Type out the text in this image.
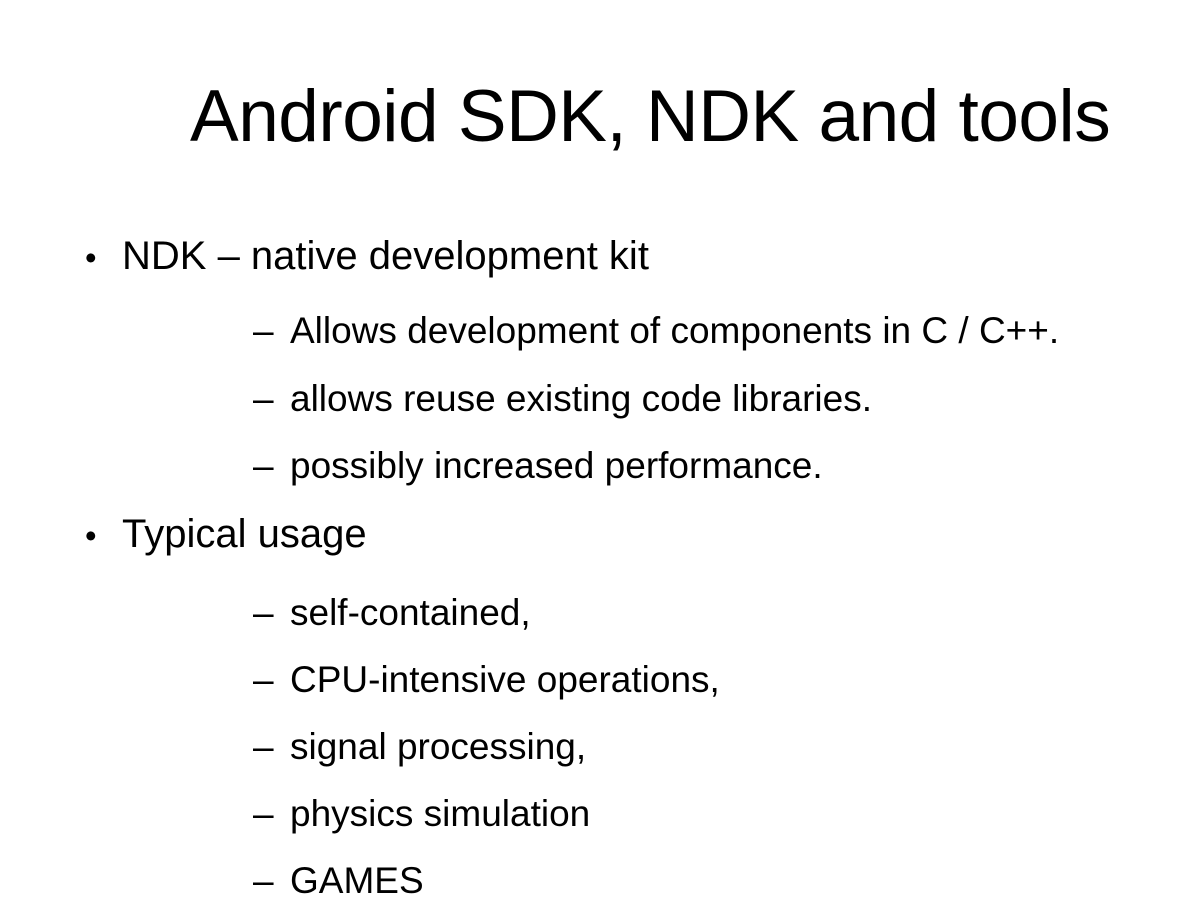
Android SDK, NDK and tools
• NDK – native development kit
– Allows development of components in C / C++.
– allows reuse existing code libraries.
– possibly increased performance.
• Typical usage
– self-contained,
– CPU-intensive operations,
– signal processing,
– physics simulation
– GAMES
